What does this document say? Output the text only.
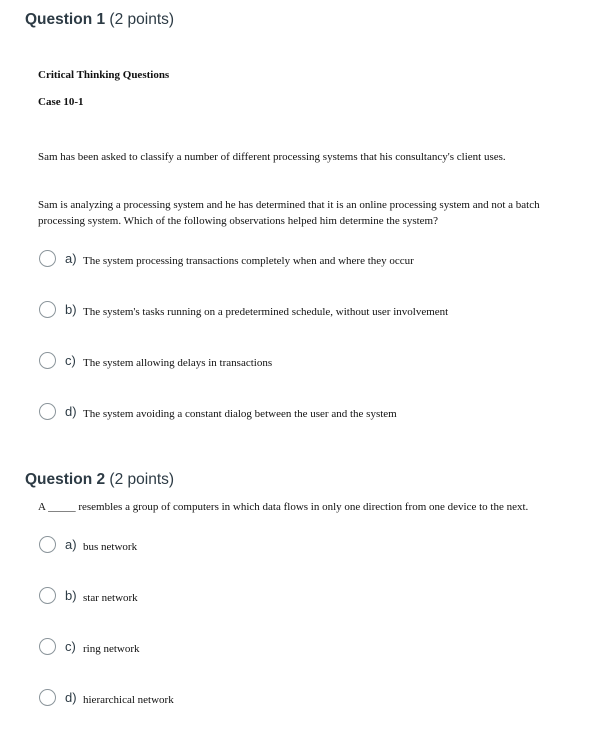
Question 1 (2 points)
Critical Thinking Questions
Case 10-1
Sam has been asked to classify a number of different processing systems that his consultancy's client uses.
Sam is analyzing a processing system and he has determined that it is an online processing system and not a batch
processing system. Which of the following observations helped him determine the system?
a) The system processing transactions completely when and where they occur
b) The system's tasks running on a predetermined schedule, without user involvement
c) The system allowing delays in transactions
d) The system avoiding a constant dialog between the user and the system
Question 2 (2 points)
A _____ resembles a group of computers in which data flows in only one direction from one device to the next.
a) bus network
b) star network
c) ring network
d) hierarchical network
